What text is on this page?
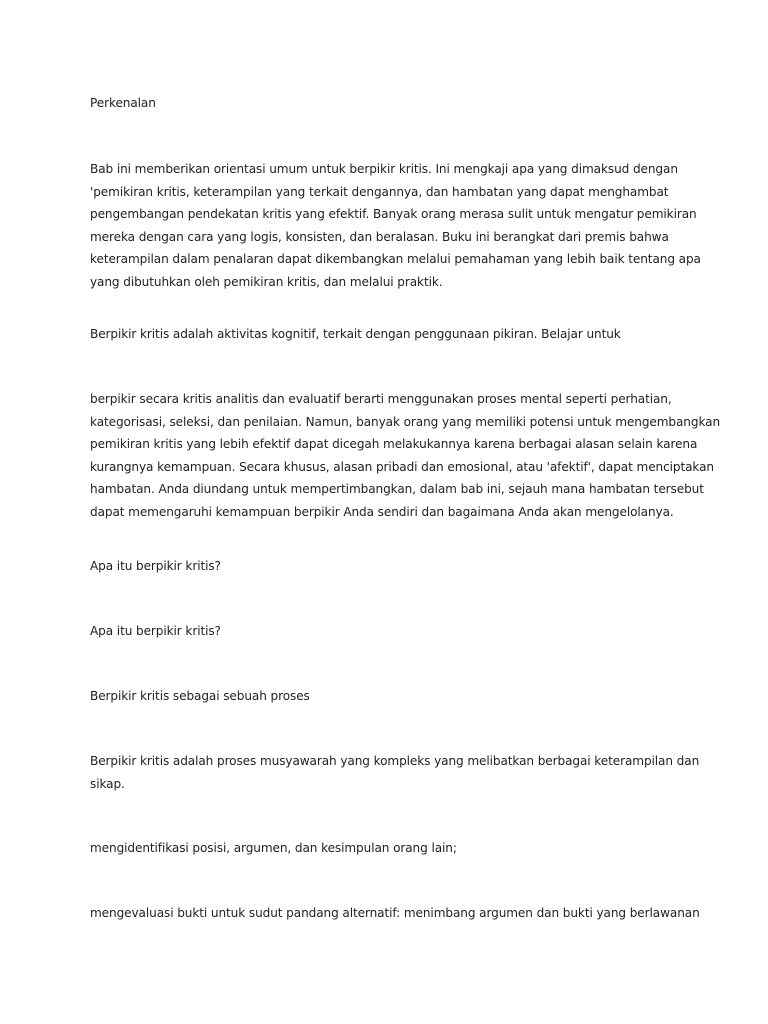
Perkenalan

Bab ini memberikan orientasi umum untuk berpikir kritis. Ini mengkaji apa yang dimaksud dengan
'pemikiran kritis, keterampilan yang terkait dengannya, dan hambatan yang dapat menghambat
pengembangan pendekatan kritis yang efektif. Banyak orang merasa sulit untuk mengatur pemikiran
mereka dengan cara yang logis, konsisten, dan beralasan. Buku ini berangkat dari premis bahwa
keterampilan dalam penalaran dapat dikembangkan melalui pemahaman yang lebih baik tentang apa
yang dibutuhkan oleh pemikiran kritis, dan melalui praktik.

Berpikir kritis adalah aktivitas kognitif, terkait dengan penggunaan pikiran. Belajar untuk

berpikir secara kritis analitis dan evaluatif berarti menggunakan proses mental seperti perhatian,
kategorisasi, seleksi, dan penilaian. Namun, banyak orang yang memiliki potensi untuk mengembangkan
pemikiran kritis yang lebih efektif dapat dicegah melakukannya karena berbagai alasan selain karena
kurangnya kemampuan. Secara khusus, alasan pribadi dan emosional, atau 'afektif', dapat menciptakan
hambatan. Anda diundang untuk mempertimbangkan, dalam bab ini, sejauh mana hambatan tersebut
dapat memengaruhi kemampuan berpikir Anda sendiri dan bagaimana Anda akan mengelolanya.

Apa itu berpikir kritis?

Apa itu berpikir kritis?

Berpikir kritis sebagai sebuah proses

Berpikir kritis adalah proses musyawarah yang kompleks yang melibatkan berbagai keterampilan dan
sikap.

mengidentifikasi posisi, argumen, dan kesimpulan orang lain;

mengevaluasi bukti untuk sudut pandang alternatif: menimbang argumen dan bukti yang berlawanan
